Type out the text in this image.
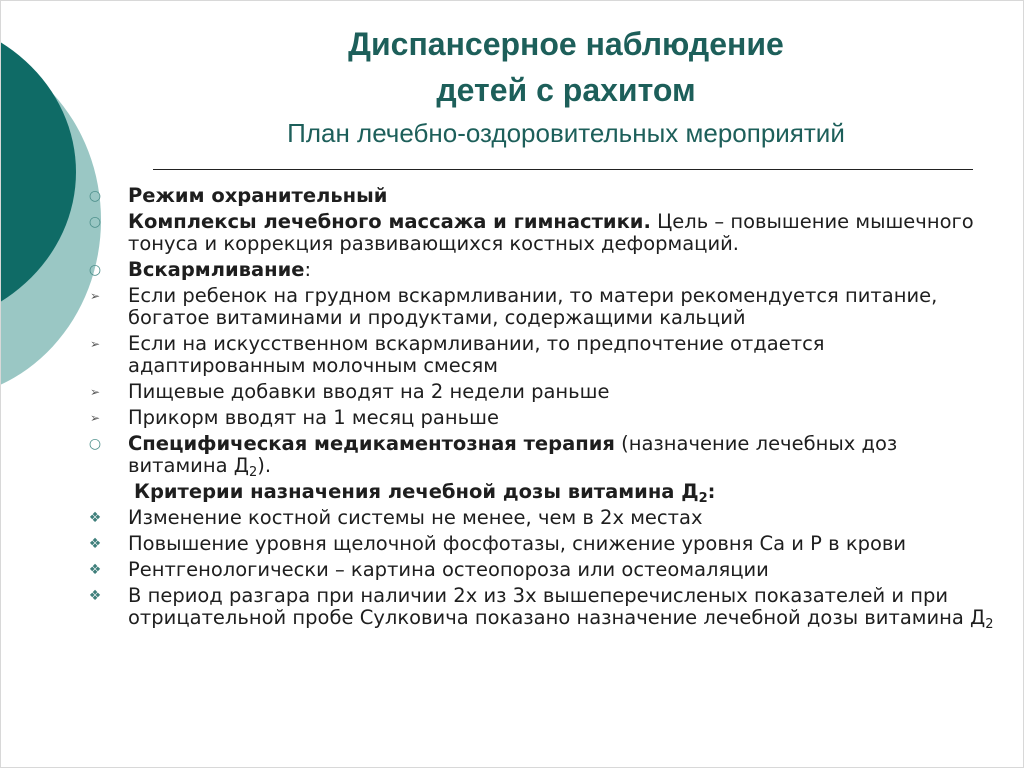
Диспансерное наблюдение
детей с рахитом
План лечебно-оздоровительных мероприятий
○ Режим охранительный
○ Комплексы лечебного массажа и гимнастики. Цель – повышение мышечного тонуса и коррекция развивающихся костных деформаций.
○ Вскармливание:
➢ Если ребенок на грудном вскармливании, то матери рекомендуется питание, богатое витаминами и продуктами, содержащими кальций
➢ Если на искусственном вскармливании, то предпочтение отдается адаптированным молочным смесям
➢ Пищевые добавки вводят на 2 недели раньше
➢ Прикорм вводят на 1 месяц раньше
○ Специфическая медикаментозная терапия (назначение лечебных доз витамина $Д_2$).
Критерии назначения лечебной дозы витамина $Д_2$:
❖ Изменение костной системы не менее, чем в 2х местах
❖ Повышение уровня щелочной фосфотазы, снижение уровня Са и Р в крови
❖ Рентгенологически – картина остеопороза или остеомаляции
❖ В период разгара при наличии 2х из 3х вышеперечисленых показателей и при отрицательной пробе Сулковича показано назначение лечебной дозы витамина $Д_2$
